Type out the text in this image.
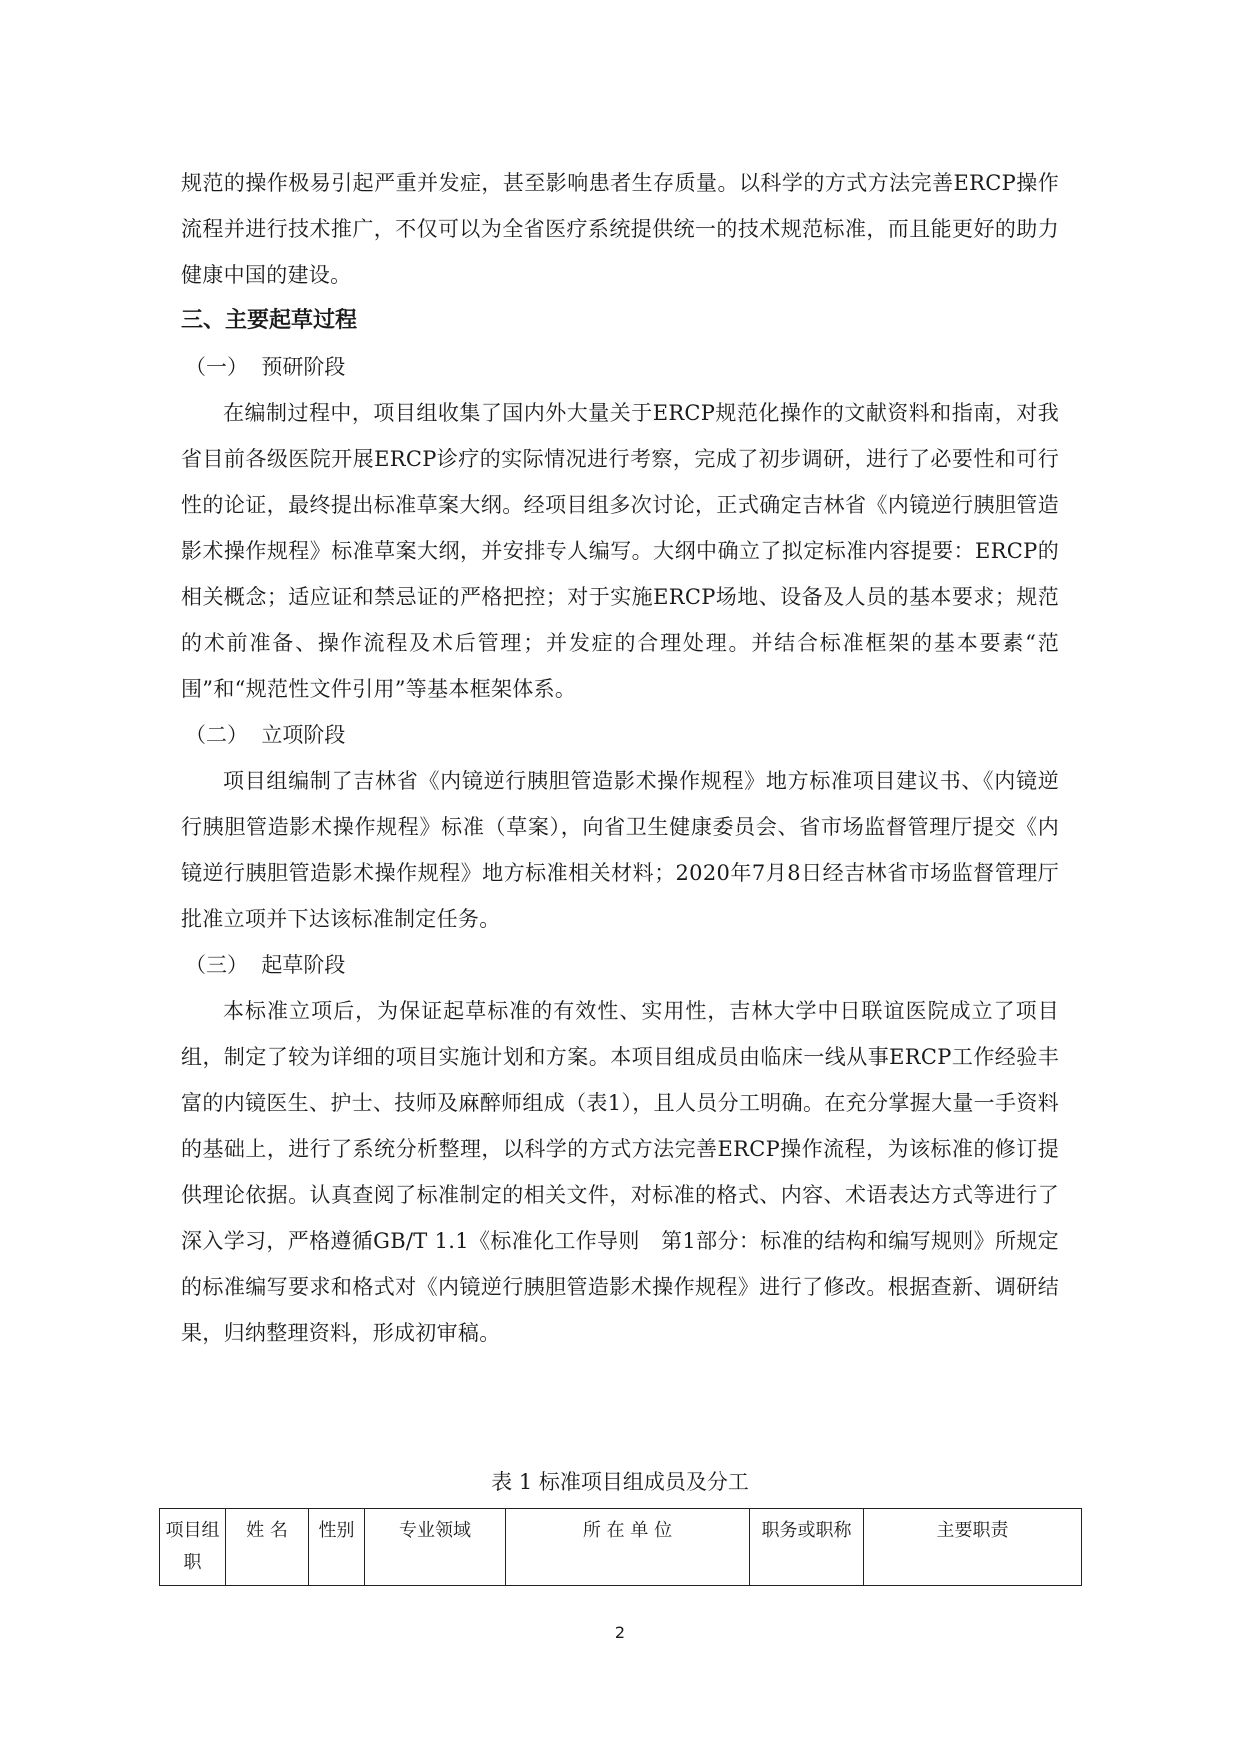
规范的操作极易引起严重并发症，甚至影响患者生存质量。以科学的方式方法完善ERCP操作流程并进行技术推广，不仅可以为全省医疗系统提供统一的技术规范标准，而且能更好的助力健康中国的建设。

三、主要起草过程

（一）  预研阶段

在编制过程中，项目组收集了国内外大量关于ERCP规范化操作的文献资料和指南，对我省目前各级医院开展ERCP诊疗的实际情况进行考察，完成了初步调研，进行了必要性和可行性的论证，最终提出标准草案大纲。经项目组多次讨论，正式确定吉林省《内镜逆行胰胆管造影术操作规程》标准草案大纲，并安排专人编写。大纲中确立了拟定标准内容提要：ERCP的相关概念；适应证和禁忌证的严格把控；对于实施ERCP场地、设备及人员的基本要求；规范的术前准备、操作流程及术后管理；并发症的合理处理。并结合标准框架的基本要素“范围”和“规范性文件引用”等基本框架体系。

（二）  立项阶段

项目组编制了吉林省《内镜逆行胰胆管造影术操作规程》地方标准项目建议书、《内镜逆行胰胆管造影术操作规程》标准（草案），向省卫生健康委员会、省市场监督管理厅提交《内镜逆行胰胆管造影术操作规程》地方标准相关材料；2020年7月8日经吉林省市场监督管理厅批准立项并下达该标准制定任务。

（三）  起草阶段

本标准立项后，为保证起草标准的有效性、实用性，吉林大学中日联谊医院成立了项目组，制定了较为详细的项目实施计划和方案。本项目组成员由临床一线从事ERCP工作经验丰富的内镜医生、护士、技师及麻醉师组成（表1），且人员分工明确。在充分掌握大量一手资料的基础上，进行了系统分析整理，以科学的方式方法完善ERCP操作流程，为该标准的修订提供理论依据。认真查阅了标准制定的相关文件，对标准的格式、内容、术语表达方式等进行了深入学习，严格遵循GB/T 1.1《标准化工作导则　第1部分：标准的结构和编写规则》所规定的标准编写要求和格式对《内镜逆行胰胆管造影术操作规程》进行了修改。根据查新、调研结果，归纳整理资料，形成初审稿。

表 1 标准项目组成员及分工

项目组职	姓 名	性别	专业领域	所 在 单 位	职务或职称	主要职责
2
